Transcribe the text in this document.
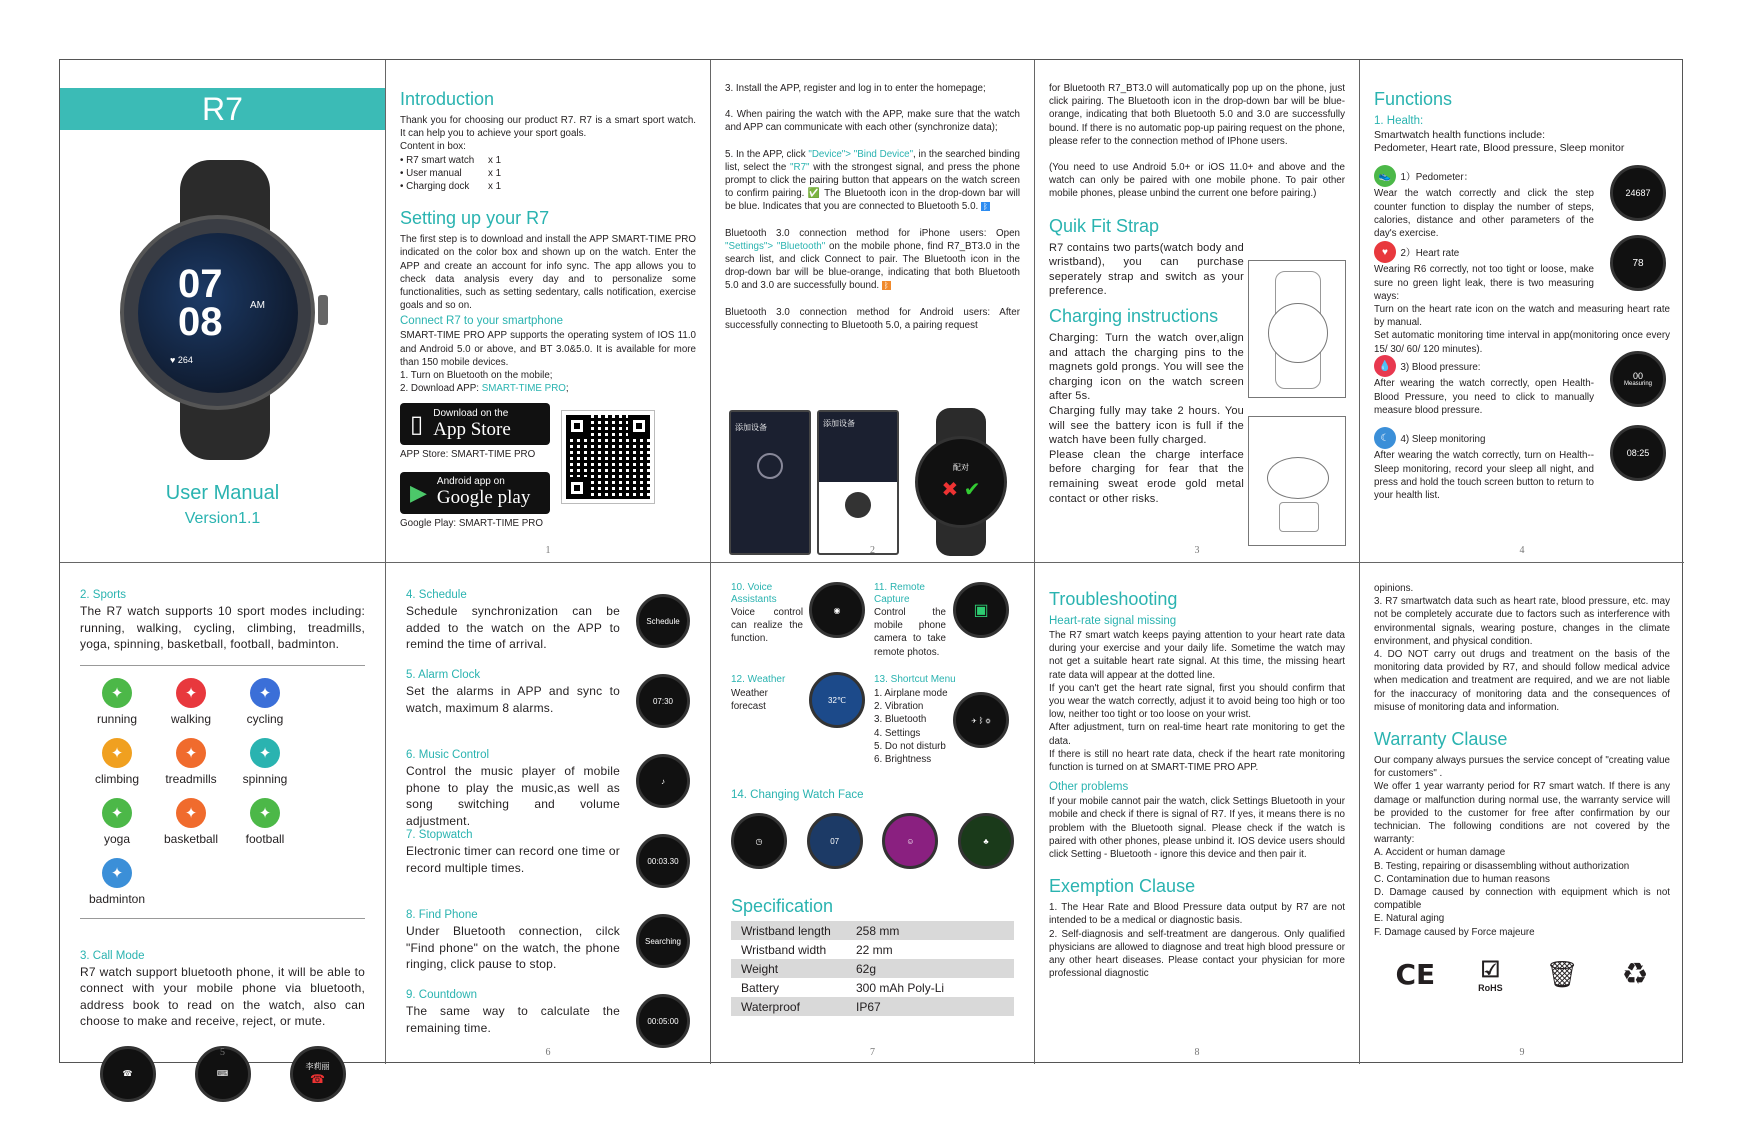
R7
07
08	AM
♥ 264
User Manual
Version1.1
Introduction
Thank you for choosing our product R7. R7 is a smart sport watch. It can help you to achieve your sport goals.
Content in box:
• R7 smart watch	x 1
• User manual	x 1
• Charging dock	x 1
Setting up your R7
The first step is to download and install the APP SMART-TIME PRO indicated on the color box and shown up on the watch. Enter the APP and create an account for info sync. The app allows you to check data analysis every day and to personalize some functionalities, such as setting sedentary, calls notification, exercise goals and so on.
Connect R7 to your smartphone
SMART-TIME PRO APP supports the operating system of IOS 11.0 and Android 5.0 or above, and BT 3.0&5.0. It is available for more than 150 mobile devices.
1. Turn on Bluetooth on the mobile;
2. Download APP: SMART-TIME PRO;
▯ Download on the
App Store
APP Store: SMART-TIME PRO
▶ Android app on
Google play
Google Play: SMART-TIME PRO
1
3. Install the APP, register and log in to enter the homepage;
4. When pairing the watch with the APP, make sure that the watch and APP can communicate with each other (synchronize data);
5. In the APP, click "Device"> "Bind Device", in the searched binding list, select the "R7" with the strongest signal, and press the phone prompt to click the pairing button that appears on the watch screen to confirm pairing. ✅ The Bluetooth icon in the drop-down bar will be blue. Indicates that you are connected to Bluetooth 5.0. ᛒ
Bluetooth 3.0 connection method for iPhone users: Open "Settings"> "Bluetooth" on the mobile phone, find R7_BT3.0 in the search list, and click Connect to pair. The Bluetooth icon in the drop-down bar will be blue-orange, indicating that both Bluetooth 5.0 and 3.0 are successfully bound. ᛒ
Bluetooth 3.0 connection method for Android users: After successfully connecting to Bluetooth 5.0, a pairing request
添加设备	添加设备
配对
✖ ✔
2
for Bluetooth R7_BT3.0 will automatically pop up on the phone, just click pairing. The Bluetooth icon in the drop-down bar will be blue-orange, indicating that both Bluetooth 5.0 and 3.0 are successfully bound. If there is no automatic pop-up pairing request on the phone, please refer to the connection method of IPhone users.
(You need to use Android 5.0+ or iOS 11.0+ and above and the watch can only be paired with one mobile phone. To pair other mobile phones, please unbind the current one before pairing.)
Quik Fit Strap
R7 contains two parts(watch body and wristband), you can purchase seperately strap and switch as your preference.
Charging instructions
Charging: Turn the watch over,align and attach the charging pins to the magnets gold prongs. You will see the charging icon on the watch screen after 5s.
Charging fully may take 2 hours. You will see the battery icon is full if the watch have been fully charged.
Please clean the charge interface before charging for fear that the remaining sweat erode gold metal contact or other risks.
3
Functions
1. Health:
Smartwatch health functions include:
Pedometer, Heart rate, Blood pressure, Sleep monitor
👟 1）Pedometer：
Wear the watch correctly and click the step counter function to display the number of steps, calories, distance and other parameters of the day's exercise.
24687
♥ 2）Heart rate
Wearing R6 correctly, not too tight or loose, make sure no green light leak, there is two measuring ways:
Turn on the heart rate icon on the watch and measuring heart rate by manual.
Set automatic monitoring time interval in app(monitoring once every 15/ 30/ 60/ 120 minutes).
78
💧 3) Blood pressure:
After wearing the watch correctly, open Health-Blood Pressure, you need to click to manually measure blood pressure.
00
Measuring
☾ 4) Sleep monitoring
After wearing the watch correctly, turn on Health--Sleep monitoring, record your sleep all night, and press and hold the touch screen button to return to your health list.
08 : 25
4
2. Sports
The R7 watch supports 10 sport modes including: running, walking, cycling, climbing, treadmills, yoga, spinning, basketball, football, badminton.
✦
running
✦
walking
✦
cycling
✦
climbing
✦
treadmills
✦
spinning
✦
yoga
✦
basketball
✦
football
✦
badminton
3. Call Mode
R7 watch support bluetooth phone, it will be able to connect with your mobile phone via bluetooth, address book to read on the watch, also can choose to make and receive, reject, or mute.
☎	⌨
李莉丽
☎
5
4. Schedule
Schedule synchronization can be added to the watch on the APP to remind the time of arrival.
Schedule
5. Alarm Clock
Set the alarms in APP and sync to watch, maximum 8 alarms.	07:30
6. Music Control
Control the music player of mobile phone to play the music,as well as song switching and volume adjustment.
♪
7. Stopwatch
Electronic timer can record one time or record multiple times.	00:03.30
8. Find Phone
Under Bluetooth connection, cilck "Find phone" on the watch, the phone ringing, click pause to stop.
Searching
9. Countdown
The same way to calculate the remaining time.	00:05:00
6
10. Voice Assistants
Voice control can realize the function.
◉
11. Remote Capture
Control the mobile phone camera to take remote photos.
▣
12. Weather
Weather forecast
32℃
13. Shortcut Menu
1. Airplane mode
2. Vibration
3. Bluetooth
4. Settings
5. Do not disturb
6. Brightness
✈ ᛒ ⚙
14. Changing Watch Face
◷	07	☺	♣
Specification
Wristband length	258 mm
Wristband width	22 mm
Weight	62g
Battery	300 mAh Poly-Li
Waterproof	IP67
7
Troubleshooting
Heart-rate signal missing
The R7 smart watch keeps paying attention to your heart rate data during your exercise and your daily life. Sometime the watch may not get a suitable heart rate signal. At this time, the missing heart rate data will appear at the dotted line.
If you can't get the heart rate signal, first you should confirm that you wear the watch correctly, adjust it to avoid being too high or too low, neither too tight or too loose on your wrist.
After adjustment, turn on real-time heart rate monitoring to get the data.
If there is still no heart rate data, check if the heart rate monitoring function is turned on at SMART-TIME PRO APP.
Other problems
If your mobile cannot pair the watch, click Settings Bluetooth in your mobile and check if there is signal of R7. If yes, it means there is no problem with the Bluetooth signal. Please check if the watch is paired with other phones, please unbind it. IOS device users should click Setting - Bluetooth - ignore this device and then pair it.
Exemption Clause
1. The Hear Rate and Blood Pressure data output by R7 are not intended to be a medical or diagnostic basis.
2. Self-diagnosis and self-treatment are dangerous. Only qualified physicians are allowed to diagnose and treat high blood pressure or any other heart diseases. Please contact your physician for more professional diagnostic
8
opinions.
3. R7 smartwatch data such as heart rate, blood pressure, etc. may not be completely accurate due to factors such as interference with environmental signals, wearing posture, changes in the climate environment, and physical condition.
4. DO NOT carry out drugs and treatment on the basis of the monitoring data provided by R7, and should follow medical advice when medication and treatment are required, and we are not liable for the inaccuracy of monitoring data and the consequences of misuse of monitoring data and information.
Warranty Clause
Our company always pursues the service concept of "creating value for customers" .
We offer 1 year warranty period for R7 smart watch. If there is any damage or malfunction during normal use, the warranty service will be provided to the customer for free after confirmation by our technician. The following conditions are not covered by the warranty:
A. Accident or human damage
B. Testing, repairing or disassembling without authorization
C. Contamination due to human reasons
D. Damage caused by connection with equipment which is not compatible
E. Natural aging
F. Damage caused by Force majeure
CE ☑
RoHS 🗑 ♻
9
